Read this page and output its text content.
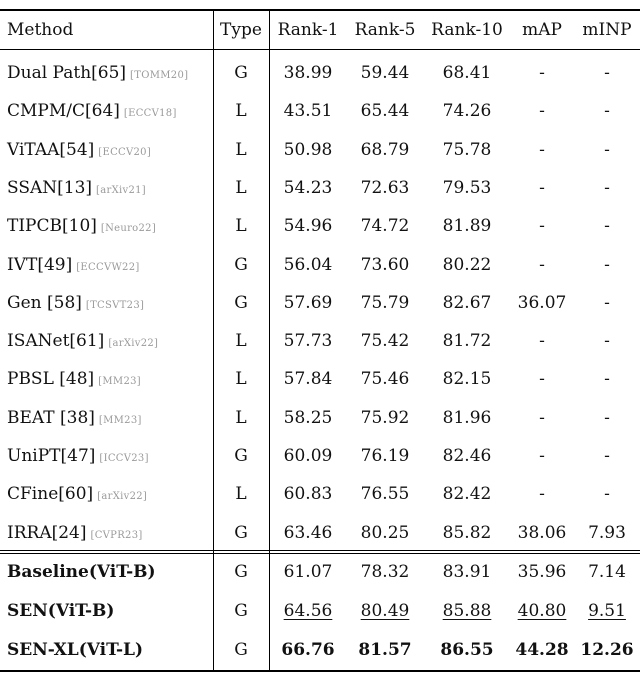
Method	Type Rank-1 Rank-5 Rank-10	mAP	mINP
Dual Path[65] [TOMM20]	G	38.99	59.44	68.41	-	-
CMPM/C[64] [ECCV18]	L	43.51	65.44	74.26	-	-
ViTAA[54] [ECCV20]	L	50.98	68.79	75.78	-	-
SSAN[13] [arXiv21]	L	54.23	72.63	79.53	-	-
TIPCB[10] [Neuro22]	L	54.96	74.72	81.89	-	-
IVT[49] [ECCVW22]	G	56.04	73.60	80.22	-	-
Gen [58] [TCSVT23]	G	57.69	75.79	82.67	36.07	-
ISANet[61] [arXiv22]	L	57.73	75.42	81.72	-	-
PBSL [48] [MM23]	L	57.84	75.46	82.15	-	-
BEAT [38] [MM23]	L	58.25	75.92	81.96	-	-
UniPT[47] [ICCV23]	G	60.09	76.19	82.46	-	-
CFine[60] [arXiv22]	L	60.83	76.55	82.42	-	-
IRRA[24] [CVPR23]	G	63.46	80.25	85.82	38.06	7.93
Baseline(ViT-B)	G	61.07	78.32	83.91	35.96	7.14
SEN(ViT-B)	G	64.56	80.49	85.88	40.80	9.51
SEN-XL(ViT-L)	G	66.76	81.57	86.55	44.28 12.26
